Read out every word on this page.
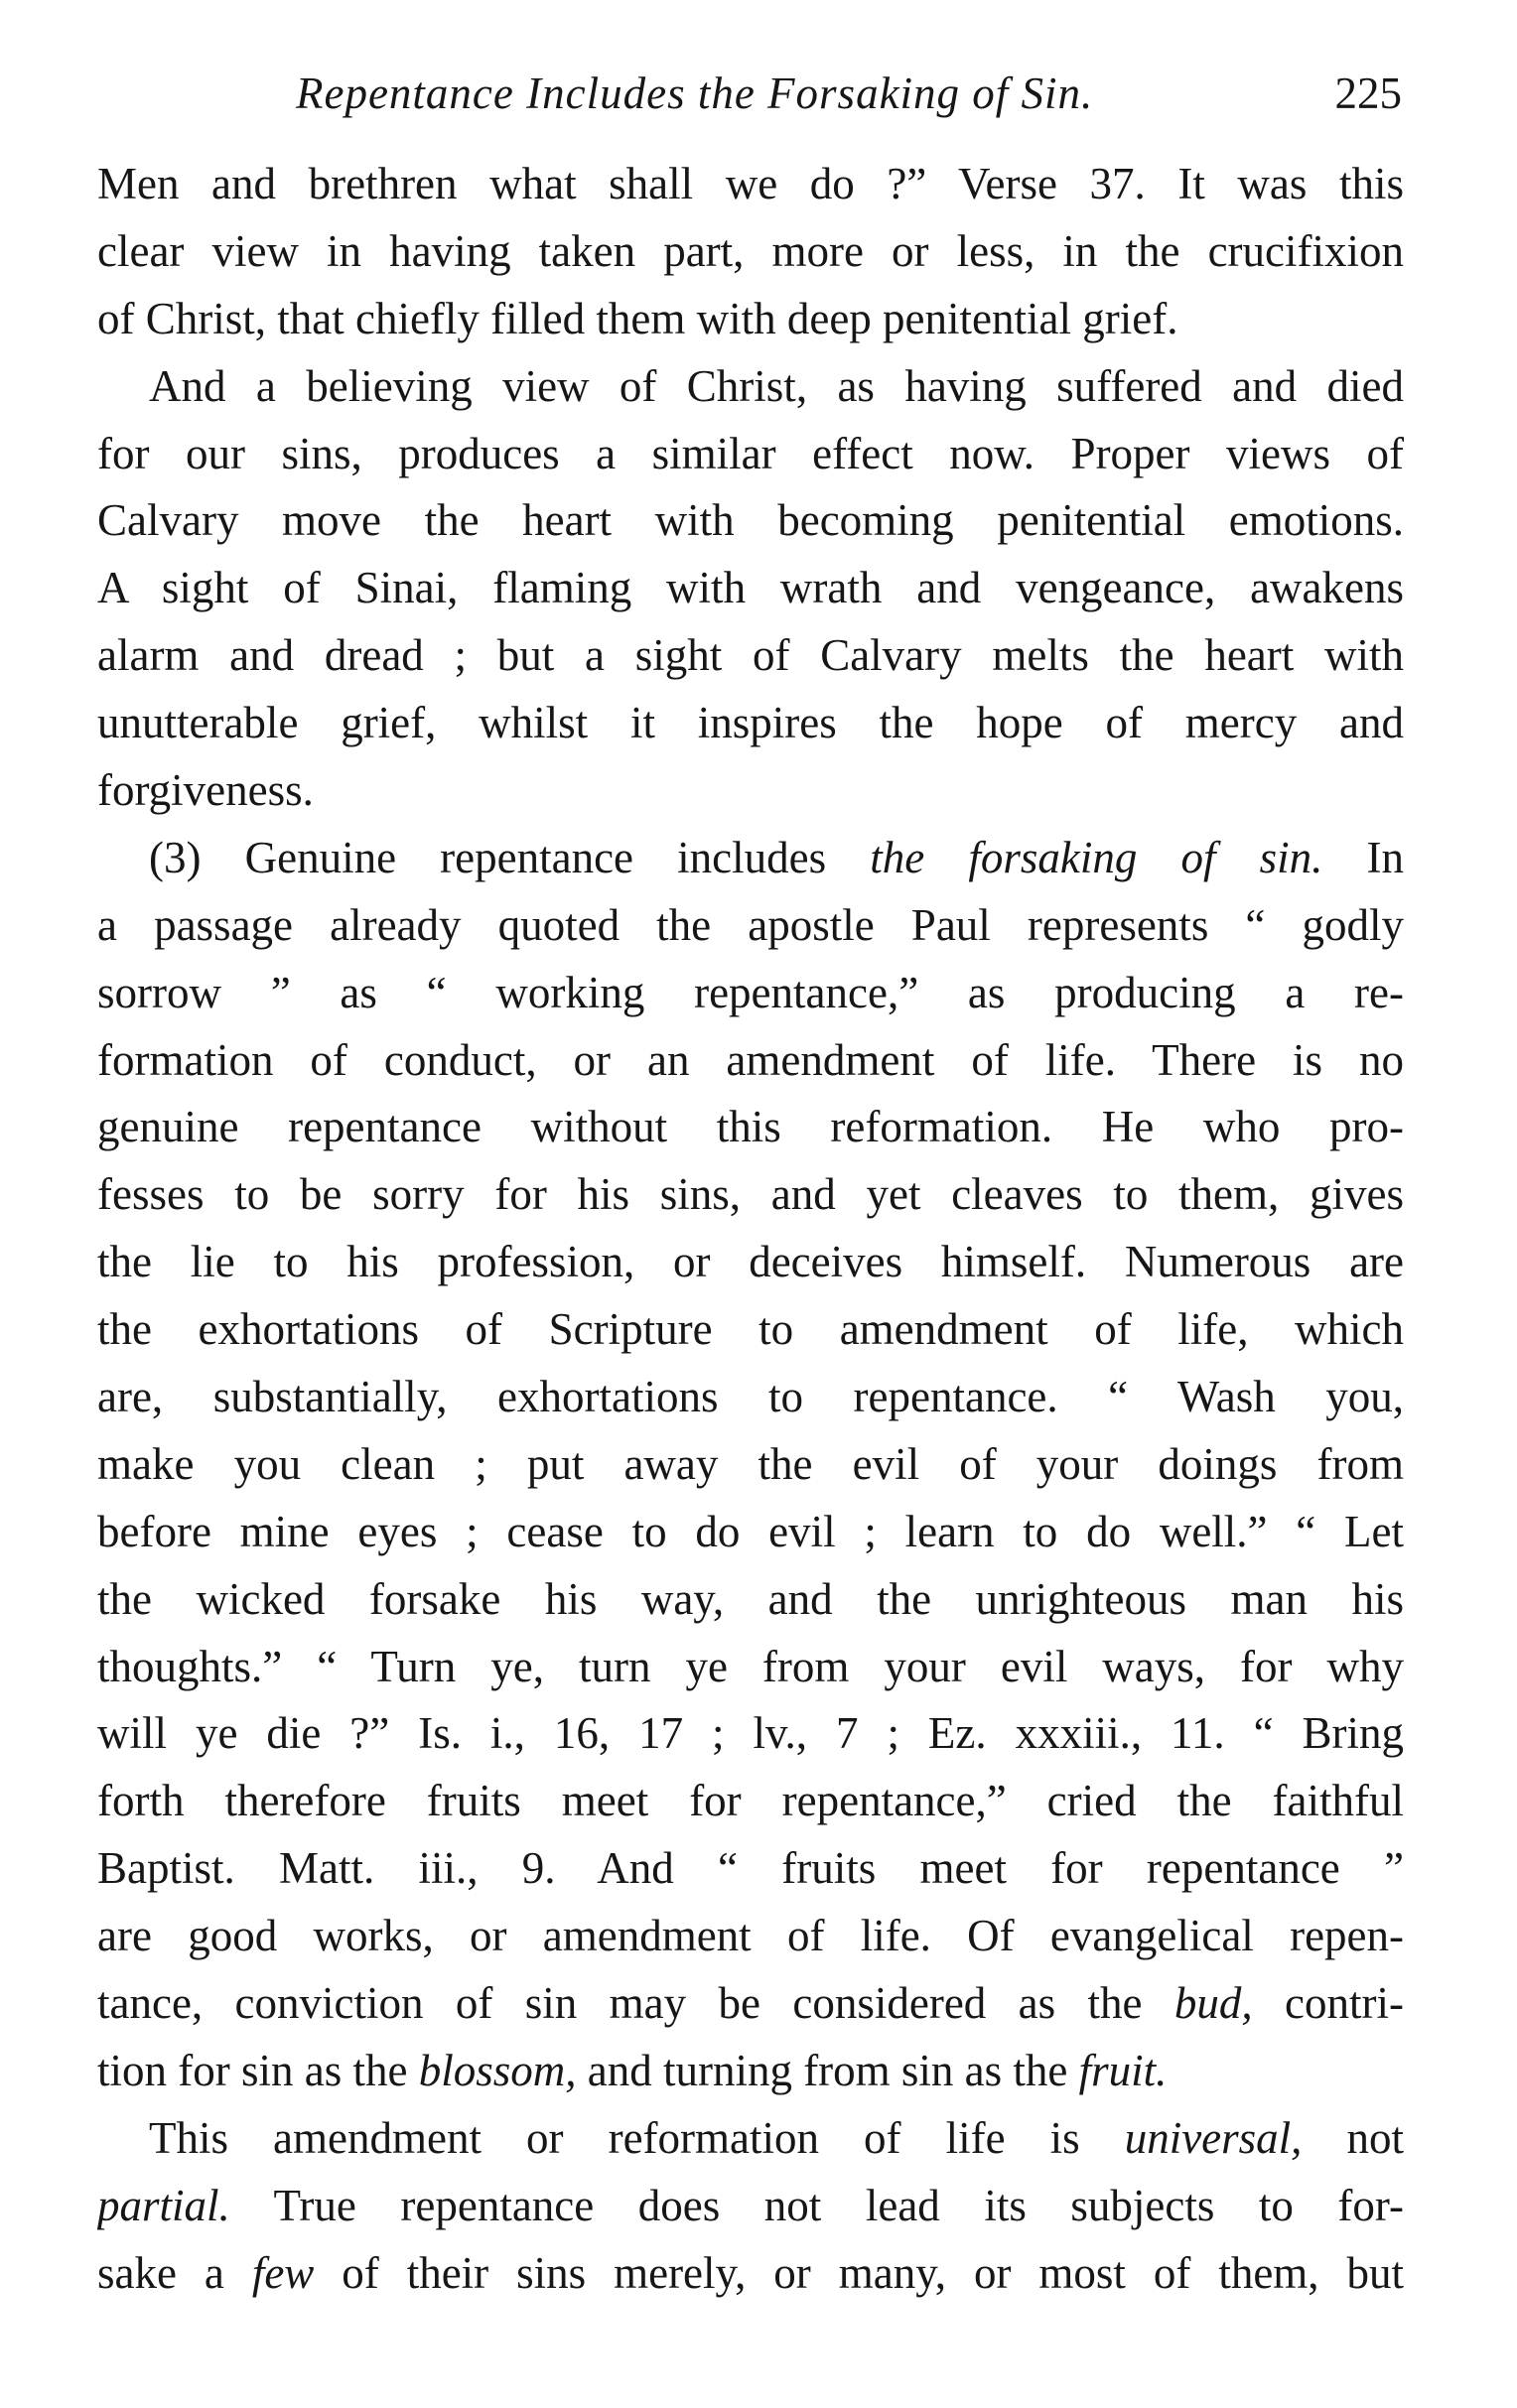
Repentance Includes the Forsaking of Sin.	225
Men and brethren what shall we do ?” Verse 37. It was this
clear view in having taken part, more or less, in the crucifixion
of Christ, that chiefly filled them with deep penitential grief.
And a believing view of Christ, as having suffered and died
for our sins, produces a similar effect now. Proper views of
Calvary move the heart with becoming penitential emotions.
A sight of Sinai, flaming with wrath and vengeance, awakens
alarm and dread ; but a sight of Calvary melts the heart with
unutterable grief, whilst it inspires the hope of mercy and
forgiveness.
(3) Genuine repentance includes the forsaking of sin. In
a passage already quoted the apostle Paul represents “ godly
sorrow ” as “ working repentance,” as producing a re-
formation of conduct, or an amendment of life. There is no
genuine repentance without this reformation. He who pro-
fesses to be sorry for his sins, and yet cleaves to them, gives
the lie to his profession, or deceives himself. Numerous are
the exhortations of Scripture to amendment of life, which
are, substantially, exhortations to repentance. “ Wash you,
make you clean ; put away the evil of your doings from
before mine eyes ; cease to do evil ; learn to do well.” “ Let
the wicked forsake his way, and the unrighteous man his
thoughts.” “ Turn ye, turn ye from your evil ways, for why
will ye die ?” Is. i., 16, 17 ; lv., 7 ; Ez. xxxiii., 11. “ Bring
forth therefore fruits meet for repentance,” cried the faithful
Baptist. Matt. iii., 9. And “ fruits meet for repentance ”
are good works, or amendment of life. Of evangelical repen-
tance, conviction of sin may be considered as the bud, contri-
tion for sin as the blossom, and turning from sin as the fruit.
This amendment or reformation of life is universal, not
partial. True repentance does not lead its subjects to for-
sake a few of their sins merely, or many, or most of them, but
